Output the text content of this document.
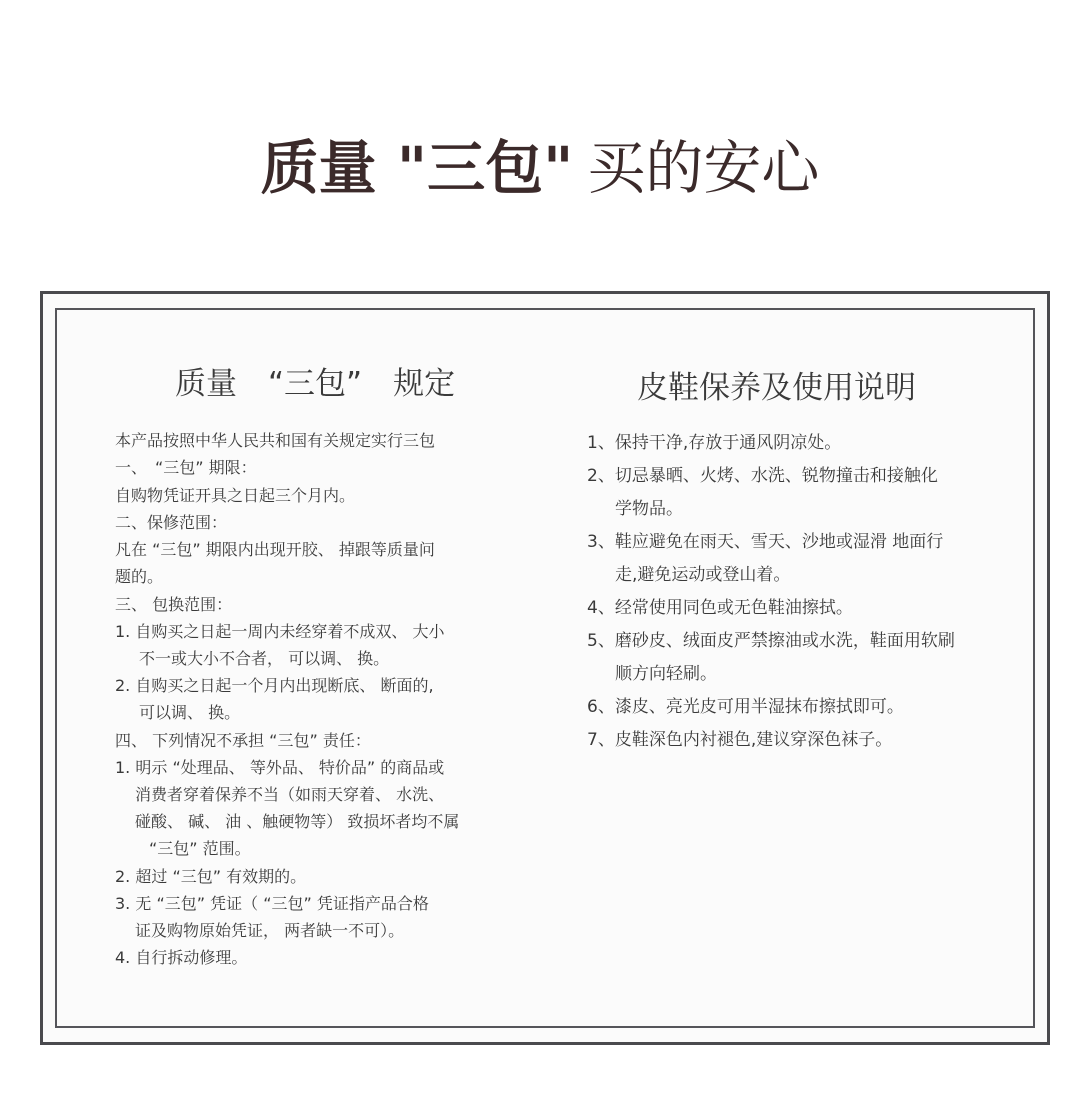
质量 "三包" 买的安心
质量　“三包”　规定
本产品按照中华人民共和国有关规定实行三包
一、　“三包” 期限：
自购物凭证开具之日起三个月内。
二、保修范围：
凡在 “三包” 期限内出现开胶、 掉跟等质量问
题的。
三、 包换范围：
1. 自购买之日起一周内未经穿着不成双、 大小
不一或大小不合者， 可以调、 换。
2. 自购买之日起一个月内出现断底、 断面的,
可以调、 换。
四、 下列情况不承担 “三包” 责任：
1. 明示 “处理品、 等外品、 特价品” 的商品或
消费者穿着保养不当（如雨天穿着、 水洗、
碰酸、 碱、 油 、触硬物等） 致损坏者均不属
“三包” 范围。
2. 超过 “三包” 有效期的。
3. 无 “三包” 凭证（ “三包” 凭证指产品合格
证及购物原始凭证， 两者缺一不可）。
4. 自行拆动修理。
皮鞋保养及使用说明
1、保持干净,存放于通风阴凉处。
2、切忌暴晒、火烤、水洗、锐物撞击和接触化
学物品。
3、鞋应避免在雨天、雪天、沙地或湿滑 地面行
走,避免运动或登山着。
4、经常使用同色或无色鞋油擦拭。
5、磨砂皮、绒面皮严禁擦油或水洗，鞋面用软刷
顺方向轻刷。
6、漆皮、亮光皮可用半湿抹布擦拭即可。
7、皮鞋深色内衬褪色,建议穿深色袜子。
